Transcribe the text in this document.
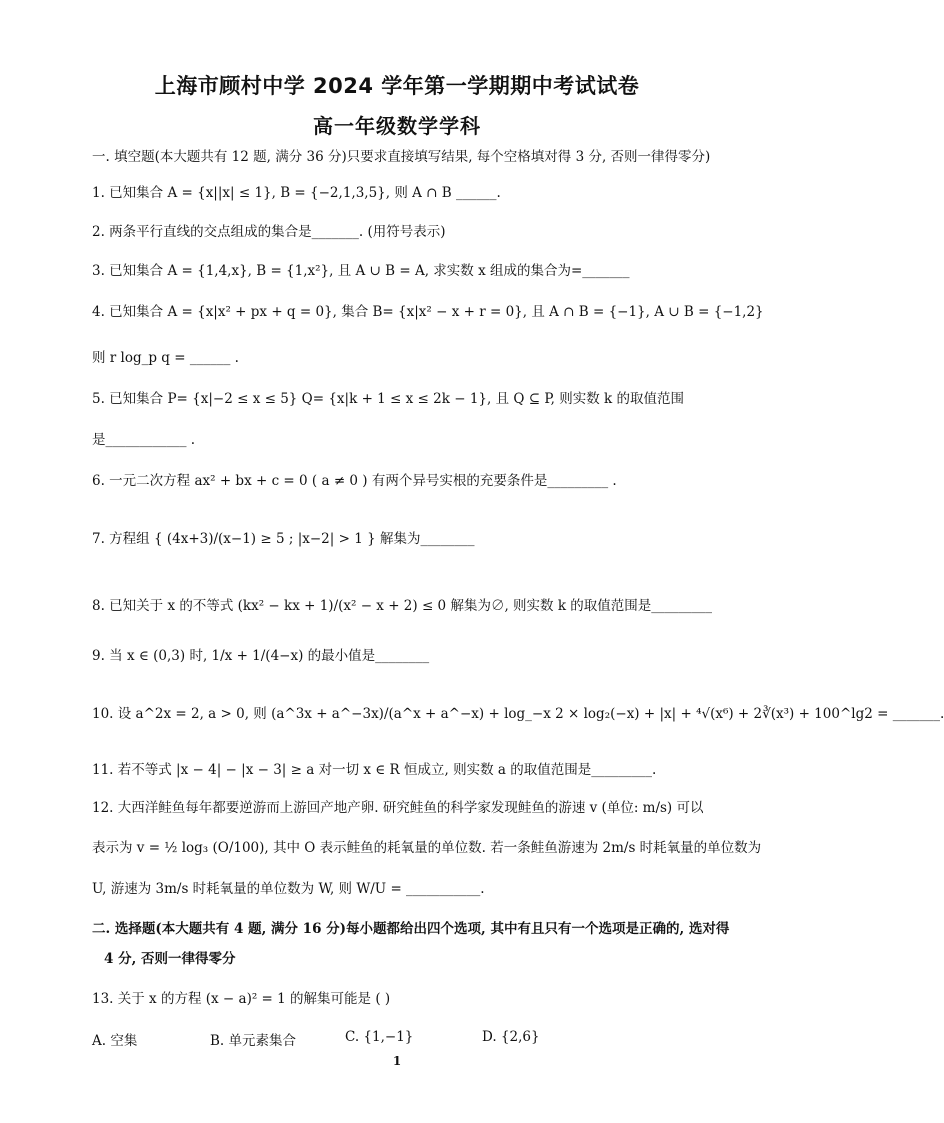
上海市顾村中学 2024 学年第一学期期中考试试卷
高一年级数学学科
一. 填空题(本大题共有 12 题, 满分 36 分)只要求直接填写结果, 每个空格填对得 3 分, 否则一律得零分)
1. 已知集合 A = {x||x| ≤ 1}, B = {−2,1,3,5}, 则 A ∩ B ______.
2. 两条平行直线的交点组成的集合是_______. (用符号表示)
3. 已知集合 A = {1,4,x}, B = {1,x²}, 且 A ∪ B = A, 求实数 x 组成的集合为=_______
4. 已知集合 A = {x|x² + px + q = 0}, 集合 B= {x|x² − x + r = 0}, 且 A ∩ B = {−1}, A ∪ B = {−1,2}
则 r log_p q = ______ .
5. 已知集合 P= {x|−2 ≤ x ≤ 5} Q= {x|k + 1 ≤ x ≤ 2k − 1}, 且 Q ⊆ P, 则实数 k 的取值范围
是____________ .
6. 一元二次方程 ax² + bx + c = 0 ( a ≠ 0 ) 有两个异号实根的充要条件是_________ .
7. 方程组 { (4x+3)/(x−1) ≥ 5 ; |x−2| > 1 } 解集为________
8. 已知关于 x 的不等式 (kx² − kx + 1)/(x² − x + 2) ≤ 0 解集为∅, 则实数 k 的取值范围是_________
9. 当 x ∈ (0,3) 时, 1/x + 1/(4−x) 的最小值是________
10. 设 a^2x = 2, a > 0, 则 (a^3x + a^−3x)/(a^x + a^−x) + log_−x 2 × log₂(−x) + |x| + ⁴√(x⁶) + 2∛(x³) + 100^lg2 = _______.
11. 若不等式 |x − 4| − |x − 3| ≥ a 对一切 x ∈ R 恒成立, 则实数 a 的取值范围是_________.
12. 大西洋鲑鱼每年都要逆游而上游回产地产卵. 研究鲑鱼的科学家发现鲑鱼的游速 v (单位: m/s) 可以
表示为 v = ½ log₃ (O/100), 其中 O 表示鲑鱼的耗氧量的单位数. 若一条鲑鱼游速为 2m/s 时耗氧量的单位数为
U, 游速为 3m/s 时耗氧量的单位数为 W, 则 W/U = ___________.
二. 选择题(本大题共有 4 题, 满分 16 分)每小题都给出四个选项, 其中有且只有一个选项是正确的, 选对得
4 分, 否则一律得零分
13. 关于 x 的方程 (x − a)² = 1 的解集可能是 ( )
A. 空集	B. 单元素集合	C. {1,−1}	D. {2,6}
1
